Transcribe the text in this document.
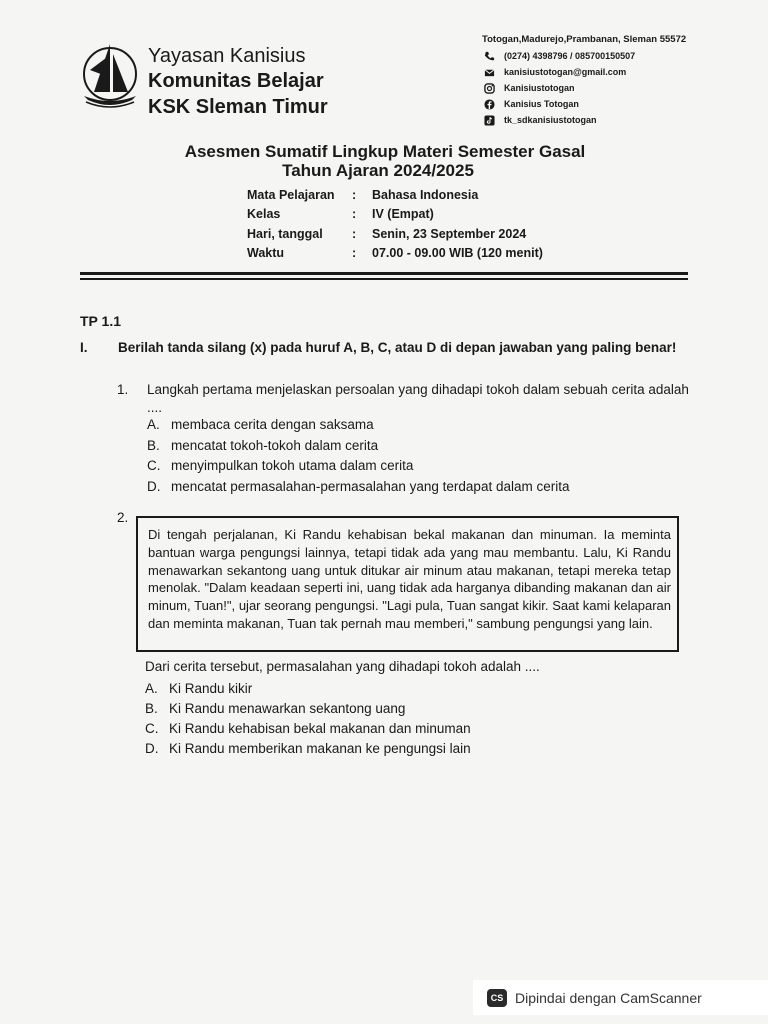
Yayasan Kanisius
Komunitas Belajar
KSK Sleman Timur
Totogan,Madurejo,Prambanan, Sleman 55572
(0274) 4398796 / 085700150507
kanisiustotogan@gmail.com
Kanisiustotogan
Kanisius Totogan
tk_sdkanisiustotogan
Asesmen Sumatif Lingkup Materi Semester Gasal
Tahun Ajaran 2024/2025
Mata Pelajaran	:	Bahasa Indonesia
Kelas	:	IV (Empat)
Hari, tanggal	:	Senin, 23 September 2024
Waktu	:	07.00 - 09.00 WIB (120 menit)
TP 1.1
I. Berilah tanda silang (x) pada huruf A, B, C, atau D di depan jawaban yang paling benar!
1. Langkah pertama menjelaskan persoalan yang dihadapi tokoh dalam sebuah cerita adalah ....
A. membaca cerita dengan saksama
B. mencatat tokoh-tokoh dalam cerita
C. menyimpulkan tokoh utama dalam cerita
D. mencatat permasalahan-permasalahan yang terdapat dalam cerita
2.
Di tengah perjalanan, Ki Randu kehabisan bekal makanan dan minuman. Ia meminta bantuan warga pengungsi lainnya, tetapi tidak ada yang mau membantu. Lalu, Ki Randu menawarkan sekantong uang untuk ditukar air minum atau makanan, tetapi mereka tetap menolak. "Dalam keadaan seperti ini, uang tidak ada harganya dibanding makanan dan air minum, Tuan!", ujar seorang pengungsi. "Lagi pula, Tuan sangat kikir. Saat kami kelaparan dan meminta makanan, Tuan tak pernah mau memberi," sambung pengungsi yang lain.
Dari cerita tersebut, permasalahan yang dihadapi tokoh adalah ....
A. Ki Randu kikir
B. Ki Randu menawarkan sekantong uang
C. Ki Randu kehabisan bekal makanan dan minuman
D. Ki Randu memberikan makanan ke pengungsi lain
CS Dipindai dengan CamScanner
